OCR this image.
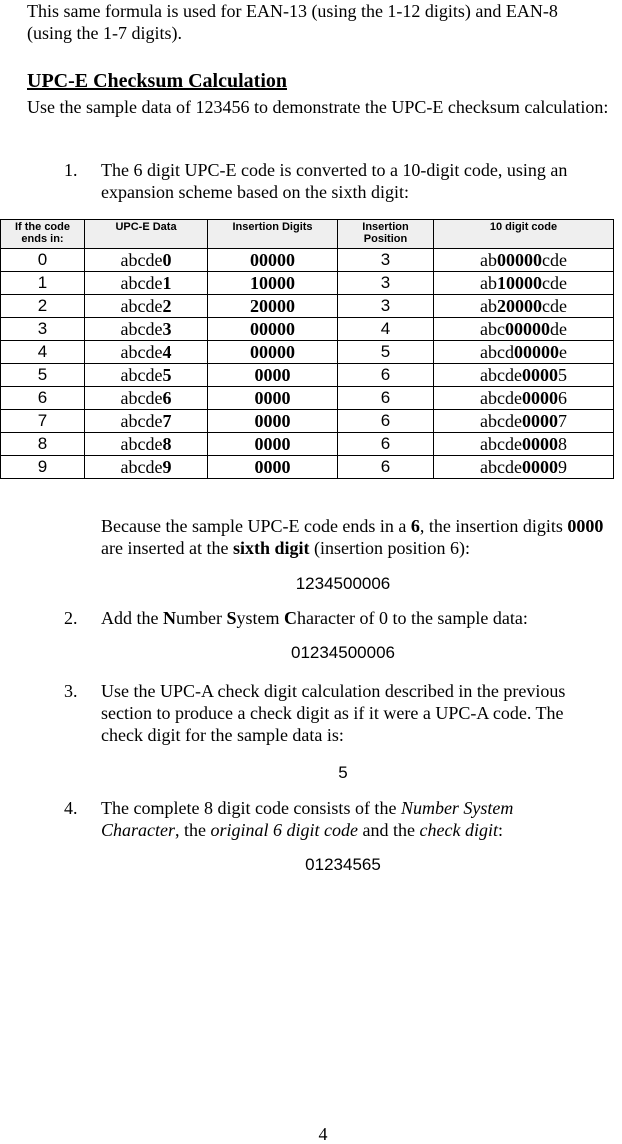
This same formula is used for EAN-13 (using the 1-12 digits) and EAN-8 (using the 1-7 digits).

UPC-E Checksum Calculation

Use the sample data of 123456 to demonstrate the UPC-E checksum calculation:

1. The 6 digit UPC-E code is converted to a 10-digit code, using an expansion scheme based on the sixth digit:

If the code ends in:	UPC-E Data	Insertion Digits	Insertion Position	10 digit code
0	abcde0	00000	3	ab00000cde
1	abcde1	10000	3	ab10000cde
2	abcde2	20000	3	ab20000cde
3	abcde3	00000	4	abc00000de
4	abcde4	00000	5	abcd00000e
5	abcde5	0000	6	abcde00005
6	abcde6	0000	6	abcde00006
7	abcde7	0000	6	abcde00007
8	abcde8	0000	6	abcde00008
9	abcde9	0000	6	abcde00009

Because the sample UPC-E code ends in a 6, the insertion digits 0000 are inserted at the sixth digit (insertion position 6):

1234500006
2. Add the Number System Character of 0 to the sample data:

01234500006
3. Use the UPC-A check digit calculation described in the previous section to produce a check digit as if it were a UPC-A code. The check digit for the sample data is:

5
4. The complete 8 digit code consists of the Number System Character, the original 6 digit code and the check digit:

01234565
4
